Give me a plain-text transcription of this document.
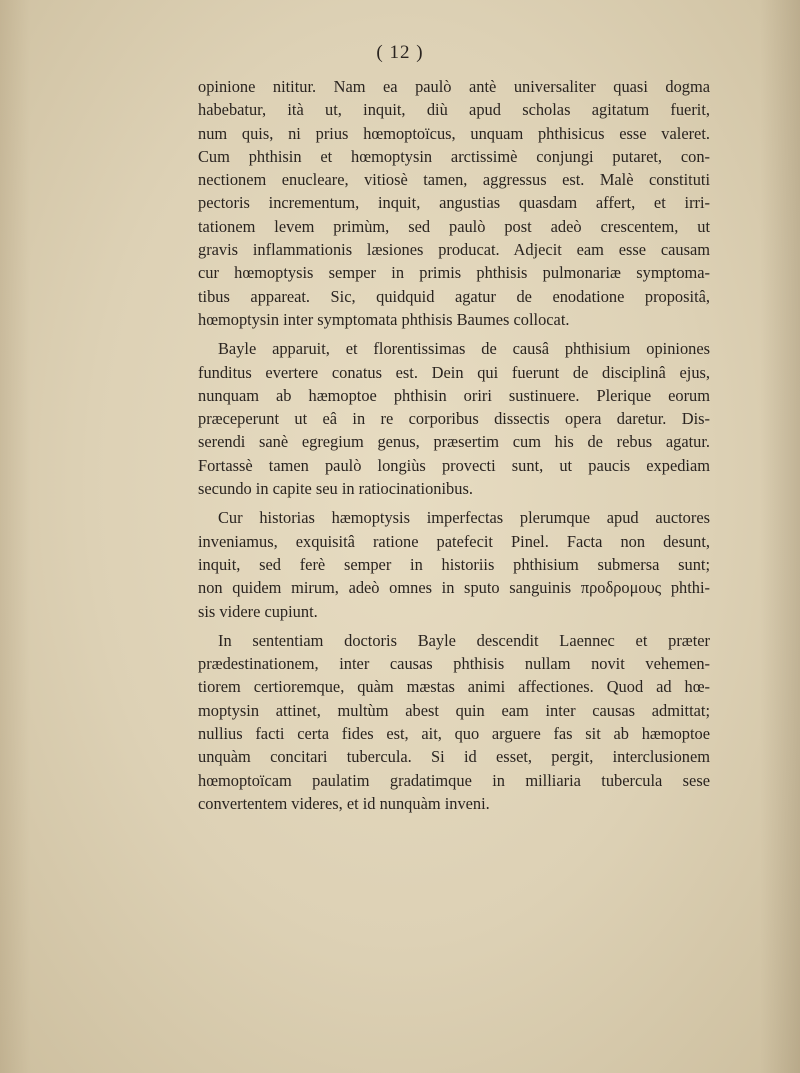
( 12 )
opinione nititur. Nam ea paulò antè universaliter quasi dogma
habebatur, ità ut, inquit, diù apud scholas agitatum fuerit,
num quis, ni prius hœmoptoïcus, unquam phthisicus esse valeret.
Cum phthisin et hœmoptysin arctissimè conjungi putaret, con-
nectionem enucleare, vitiosè tamen, aggressus est. Malè constituti
pectoris incrementum, inquit, angustias quasdam affert, et irri-
tationem levem primùm, sed paulò post adeò crescentem, ut
gravis inflammationis læsiones producat. Adjecit eam esse causam
cur hœmoptysis semper in primis phthisis pulmonariæ symptoma-
tibus appareat. Sic, quidquid agatur de enodatione propositâ,
hœmoptysin inter symptomata phthisis Baumes collocat.
Bayle apparuit, et florentissimas de causâ phthisium opiniones
funditus evertere conatus est. Dein qui fuerunt de disciplinâ ejus,
nunquam ab hæmoptoe phthisin oriri sustinuere. Plerique eorum
præceperunt ut eâ in re corporibus dissectis opera daretur. Dis-
serendi sanè egregium genus, præsertim cum his de rebus agatur.
Fortassè tamen paulò longiùs provecti sunt, ut paucis expediam
secundo in capite seu in ratiocinationibus.
Cur historias hæmoptysis imperfectas plerumque apud auctores
inveniamus, exquisitâ ratione patefecit Pinel. Facta non desunt,
inquit, sed ferè semper in historiis phthisium submersa sunt;
non quidem mirum, adeò omnes in sputo sanguinis προδρομους phthi-
sis videre cupiunt.
In sententiam doctoris Bayle descendit Laennec et præter
prædestinationem, inter causas phthisis nullam novit vehemen-
tiorem certioremque, quàm mæstas animi affectiones. Quod ad hœ-
moptysin attinet, multùm abest quin eam inter causas admittat;
nullius facti certa fides est, ait, quo arguere fas sit ab hæmoptoe
unquàm concitari tubercula. Si id esset, pergit, interclusionem
hœmoptoïcam paulatim gradatimque in milliaria tubercula sese
convertentem videres, et id nunquàm inveni.
